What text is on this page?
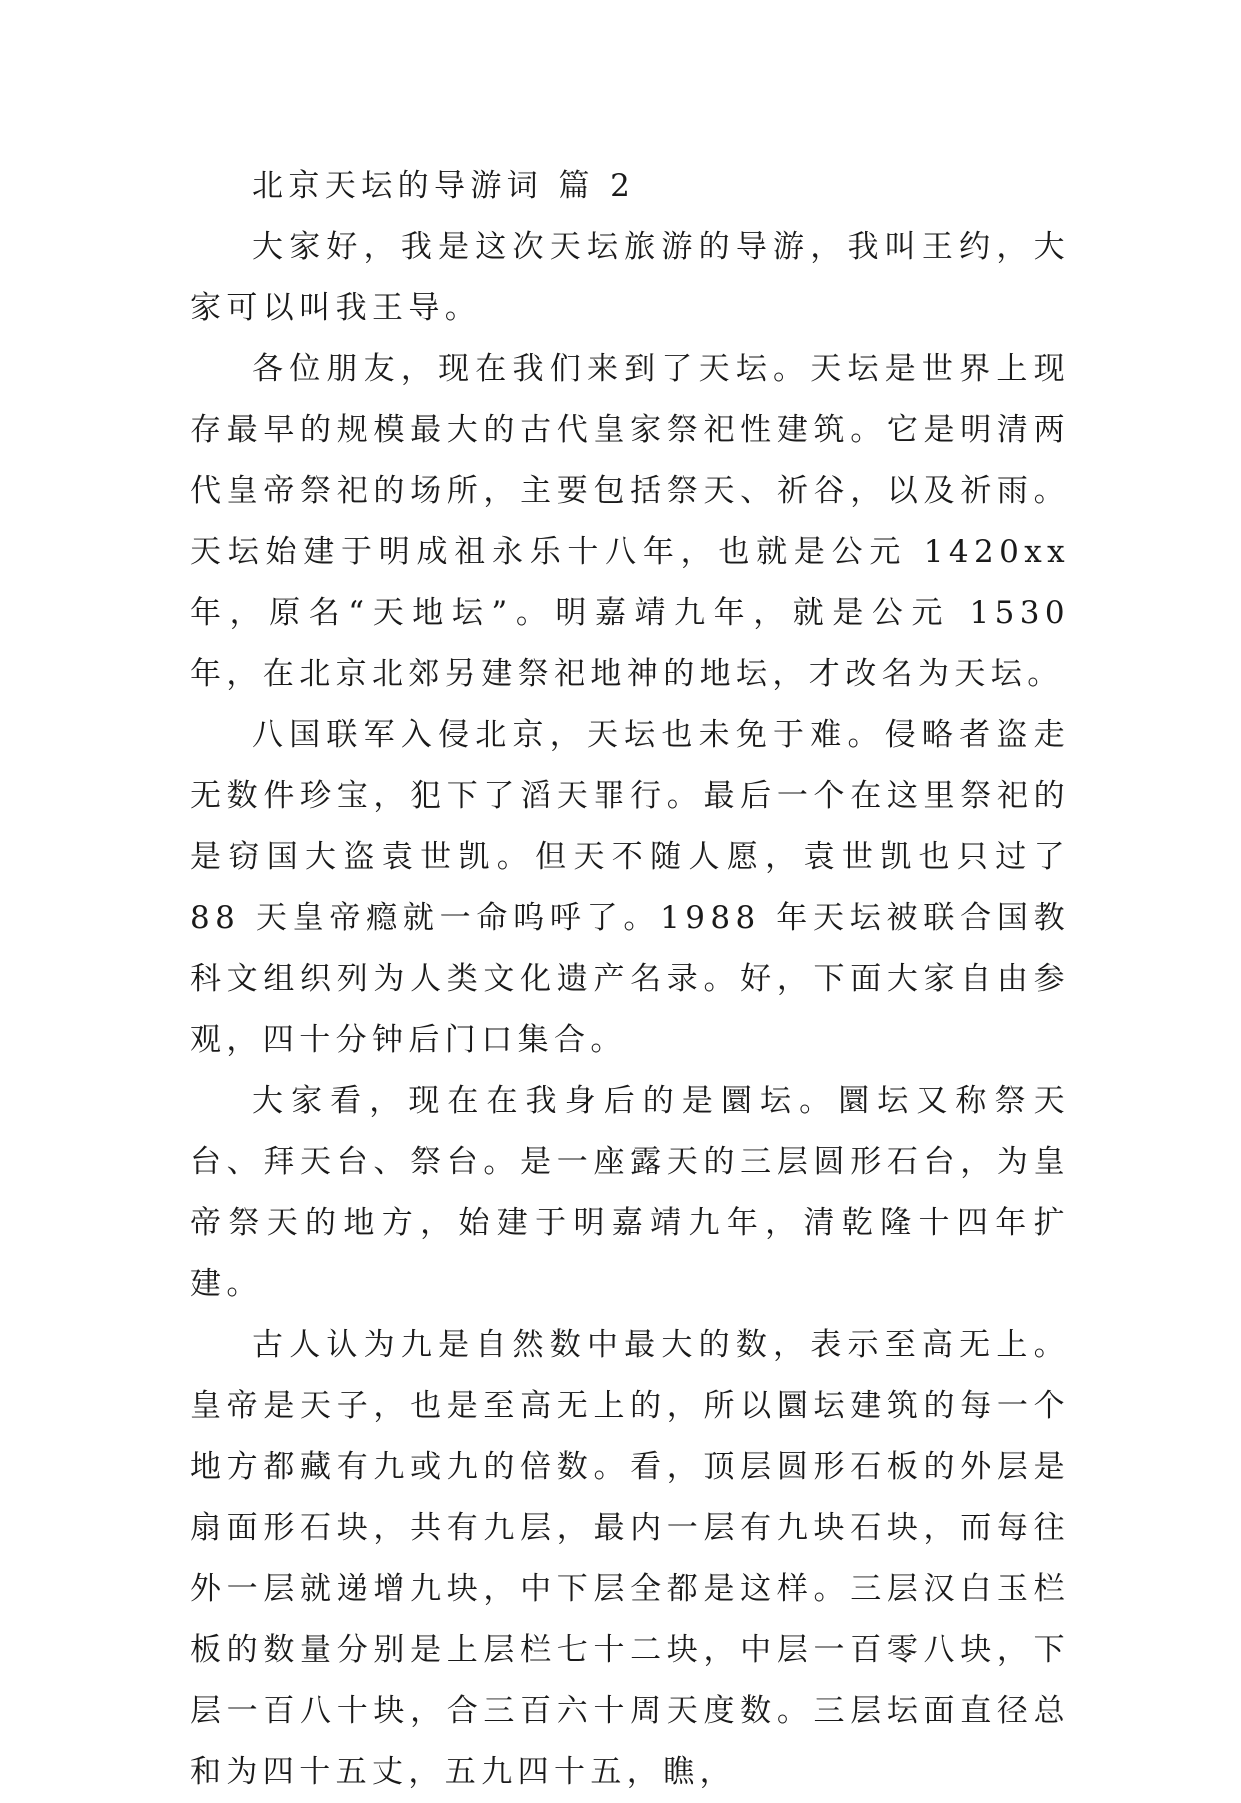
北京天坛的导游词 篇 2

大家好，我是这次天坛旅游的导游，我叫王约，大家可以叫我王导。

各位朋友，现在我们来到了天坛。天坛是世界上现存最早的规模最大的古代皇家祭祀性建筑。它是明清两代皇帝祭祀的场所，主要包括祭天、祈谷，以及祈雨。天坛始建于明成祖永乐十八年，也就是公元 1420xx 年，原名“天地坛”。明嘉靖九年，就是公元 1530 年，在北京北郊另建祭祀地神的地坛，才改名为天坛。

八国联军入侵北京，天坛也未免于难。侵略者盗走无数件珍宝，犯下了滔天罪行。最后一个在这里祭祀的是窃国大盗袁世凯。但天不随人愿，袁世凯也只过了 88 天皇帝瘾就一命呜呼了。1988 年天坛被联合国教科文组织列为人类文化遗产名录。好，下面大家自由参观，四十分钟后门口集合。

大家看，现在在我身后的是圜坛。圜坛又称祭天台、拜天台、祭台。是一座露天的三层圆形石台，为皇帝祭天的地方，始建于明嘉靖九年，清乾隆十四年扩建。

古人认为九是自然数中最大的数，表示至高无上。皇帝是天子，也是至高无上的，所以圜坛建筑的每一个地方都藏有九或九的倍数。看，顶层圆形石板的外层是扇面形石块，共有九层，最内一层有九块石块，而每往外一层就递增九块，中下层全都是这样。三层汉白玉栏板的数量分别是上层栏七十二块，中层一百零八块，下层一百八十块，合三百六十周天度数。三层坛面直径总和为四十五丈，五九四十五，瞧，
